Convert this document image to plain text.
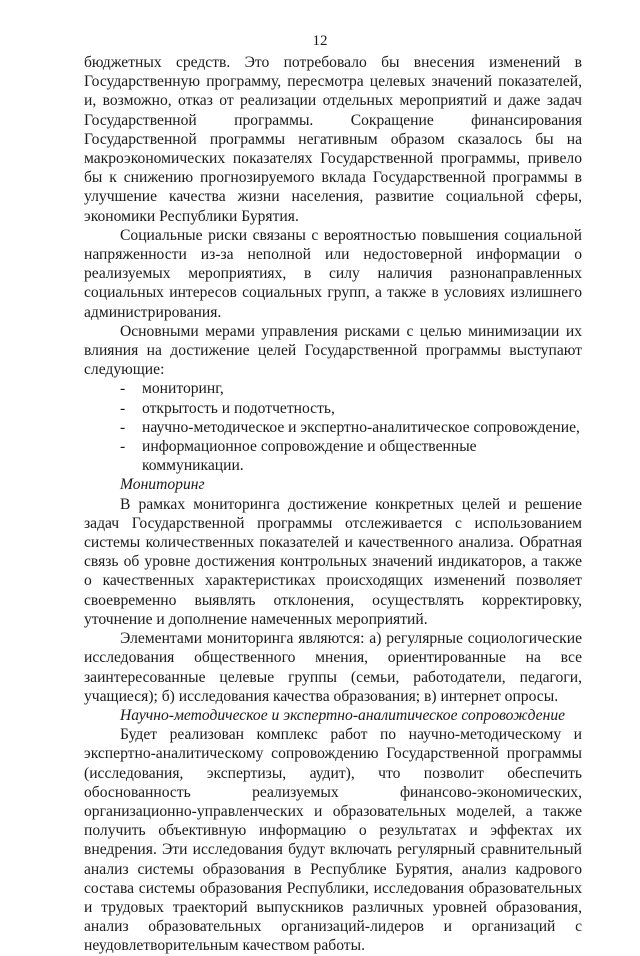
12

бюджетных средств. Это потребовало бы внесения изменений в Государственную программу, пересмотра целевых значений показателей, и, возможно, отказ от реализации отдельных мероприятий и даже задач Государственной программы. Сокращение финансирования Государственной программы негативным образом сказалось бы на макроэкономических показателях Государственной программы, привело бы к снижению прогнозируемого вклада Государственной программы в улучшение качества жизни населения, развитие социальной сферы, экономики Республики Бурятия.

Социальные риски связаны с вероятностью повышения социальной напряженности из-за неполной или недостоверной информации о реализуемых мероприятиях, в силу наличия разнонаправленных социальных интересов социальных групп, а также в условиях излишнего администрирования.

Основными мерами управления рисками с целью минимизации их влияния на достижение целей Государственной программы выступают следующие:

- мониторинг,
- открытость и подотчетность,
- научно-методическое и экспертно-аналитическое сопровождение,
- информационное сопровождение и общественные коммуникации.

Мониторинг

В рамках мониторинга достижение конкретных целей и решение задач Государственной программы отслеживается с использованием системы количественных показателей и качественного анализа. Обратная связь об уровне достижения контрольных значений индикаторов, а также о качественных характеристиках происходящих изменений позволяет своевременно выявлять отклонения, осуществлять корректировку, уточнение и дополнение намеченных мероприятий.

Элементами мониторинга являются: а) регулярные социологические исследования общественного мнения, ориентированные на все заинтересованные целевые группы (семьи, работодатели, педагоги, учащиеся); б) исследования качества образования; в) интернет опросы.

Научно-методическое и экспертно-аналитическое сопровождение

Будет реализован комплекс работ по научно-методическому и экспертно-аналитическому сопровождению Государственной программы (исследования, экспертизы, аудит), что позволит обеспечить обоснованность реализуемых финансово-экономических, организационно-управленческих и образовательных моделей, а также получить объективную информацию о результатах и эффектах их внедрения. Эти исследования будут включать регулярный сравнительный анализ системы образования в Республике Бурятия, анализ кадрового состава системы образования Республики, исследования образовательных и трудовых траекторий выпускников различных уровней образования, анализ образовательных организаций-лидеров и организаций с неудовлетворительным качеством работы.
